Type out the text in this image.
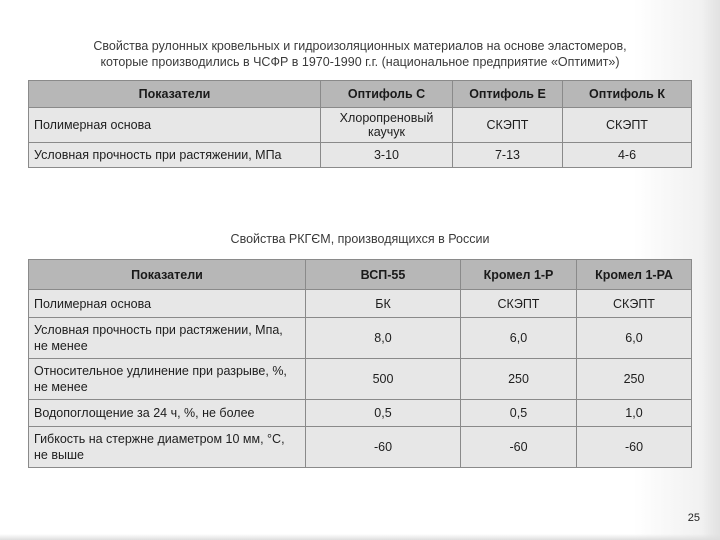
Свойства рулонных кровельных и гидроизоляционных материалов на основе эластомеров,
которые производились в ЧСФР в 1970-1990 г.г. (национальное предприятие «Оптимит»)
Показатели	Оптифоль С	Оптифоль Е	Оптифоль К
Полимерная основа	Хлоропреновый каучук	СКЭПТ	СКЭПТ
Условная прочность при растяжении, МПа	3-10	7-13	4-6
Свойства РКГЄМ, производящихся в России
Показатели	ВСП-55	Кромел 1-Р	Кромел 1-РА
Полимерная основа	БК	СКЭПТ	СКЭПТ
Условная прочность при растяжении, Мпа, не менее	8,0	6,0	6,0
Относительное удлинение при разрыве, %, не менее	500	250	250
Водопоглощение за 24 ч, %, не более	0,5	0,5	1,0
Гибкость на стержне диаметром 10 мм, °С, не выше	-60	-60	-60
25
